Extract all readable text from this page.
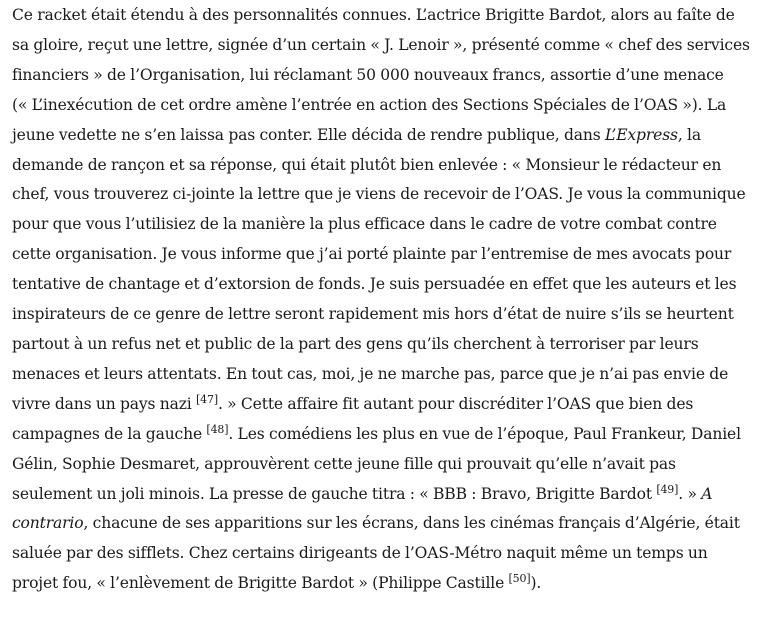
Ce racket était étendu à des personnalités connues. L’actrice Brigitte Bardot, alors au faîte de sa gloire, reçut une lettre, signée d’un certain « J. Lenoir », présenté comme « chef des services financiers » de l’Organisation, lui réclamant 50 000 nouveaux francs, assortie d’une menace (« L’inexécution de cet ordre amène l’entrée en action des Sections Spéciales de l’OAS »). La jeune vedette ne s’en laissa pas conter. Elle décida de rendre publique, dans L’Express, la demande de rançon et sa réponse, qui était plutôt bien enlevée : « Monsieur le rédacteur en chef, vous trouverez ci-jointe la lettre que je viens de recevoir de l’OAS. Je vous la communique pour que vous l’utilisiez de la manière la plus efficace dans le cadre de votre combat contre cette organisation. Je vous informe que j’ai porté plainte par l’entremise de mes avocats pour tentative de chantage et d’extorsion de fonds. Je suis persuadée en effet que les auteurs et les inspirateurs de ce genre de lettre seront rapidement mis hors d’état de nuire s’ils se heurtent partout à un refus net et public de la part des gens qu’ils cherchent à terroriser par leurs menaces et leurs attentats. En tout cas, moi, je ne marche pas, parce que je n’ai pas envie de vivre dans un pays nazi [47]. » Cette affaire fit autant pour discréditer l’OAS que bien des campagnes de la gauche [48]. Les comédiens les plus en vue de l’époque, Paul Frankeur, Daniel Gélin, Sophie Desmaret, approuvèrent cette jeune fille qui prouvait qu’elle n’avait pas seulement un joli minois. La presse de gauche titra : « BBB : Bravo, Brigitte Bardot [49]. » A contrario, chacune de ses apparitions sur les écrans, dans les cinémas français d’Algérie, était saluée par des sifflets. Chez certains dirigeants de l’OAS-Métro naquit même un temps un projet fou, « l’enlèvement de Brigitte Bardot » (Philippe Castille [50]).
